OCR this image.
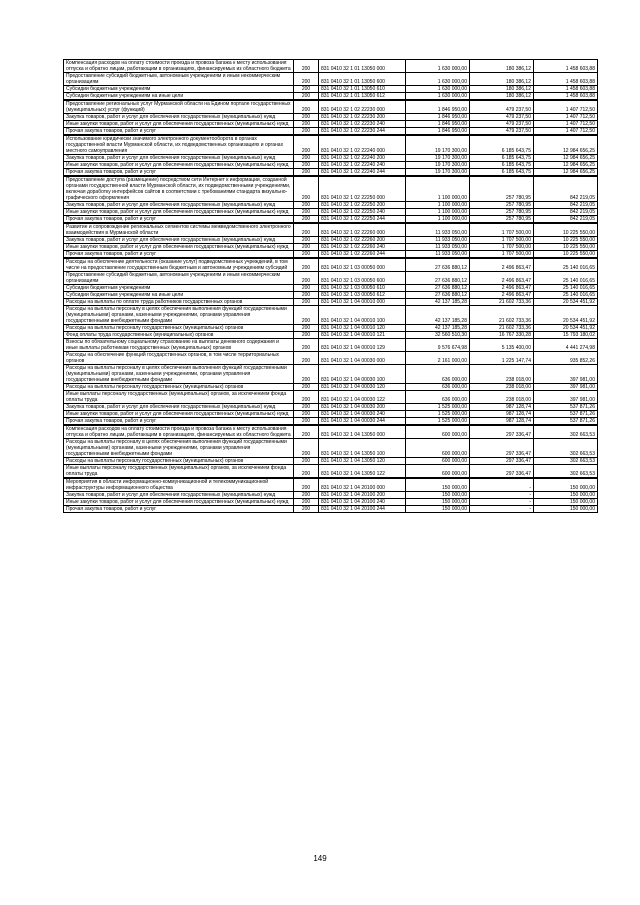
Компенсация расходов на оплату стоимости проезда и провоза багажа к месту использования отпуска и обратно лицам, работающим в организациях, финансируемых из областного бюджета	200	831 0410 32 1 01 13050 000	1 630 000,00	180 386,12	1 458 603,88
Предоставление субсидий бюджетным, автономным учреждениям и иным некоммерческим организациям	200	831 0410 32 1 01 13050 600	1 630 000,00	180 386,12	1 458 603,88
Субсидии бюджетным учреждениям	200	831 0410 32 1 01 13050 610	1 630 000,00	180 386,12	1 458 603,88
Субсидии бюджетным учреждениям на иные цели	200	831 0410 32 1 01 13050 612	1 630 000,00	180 386,12	1 458 603,88
Предоставление региональных услуг Мурманской области на Едином портале государственных (муниципальных) услуг (функций)	200	831 0410 32 1 02 22230 000	1 846 950,00	479 237,50	1 407 712,50
Закупка товаров, работ и услуг для обеспечения государственных (муниципальных) нужд	200	831 0410 32 1 02 22230 200	1 846 950,00	479 237,50	1 407 712,50
Иные закупки товаров, работ и услуг для обеспечения государственных (муниципальных) нужд	200	831 0410 32 1 02 22230 240	1 846 950,00	479 237,50	1 407 712,50
Прочая закупка товаров, работ и услуг	200	831 0410 32 1 02 22230 244	1 846 950,00	479 237,50	1 407 712,50
Использование юридически значимого электронного документооборота в органах государственной власти Мурманской области, их подведомственных организациях и органах местного самоуправления	200	831 0410 32 1 02 22240 000	19 170 300,00	6 185 643,75	12 984 656,25
Закупка товаров, работ и услуг для обеспечения государственных (муниципальных) нужд	200	831 0410 32 1 02 22240 200	19 170 300,00	6 185 643,75	12 984 656,25
Иные закупки товаров, работ и услуг для обеспечения государственных (муниципальных) нужд	200	831 0410 32 1 02 22240 240	19 170 300,00	6 185 643,75	12 984 656,25
Прочая закупка товаров, работ и услуг	200	831 0410 32 1 02 22240 244	19 170 300,00	6 185 643,75	12 984 656,25
Предоставление доступа (размещение) посредством сети Интернет к информации, созданной органами государственной власти Мурманской области, их подведомственными учреждениями, включая доработку интерфейсов сайтов в соответствии с требованиями стандарта визуально-графического оформления	200	831 0410 32 1 02 22250 000	1 100 000,00	257 780,95	842 219,05
Закупка товаров, работ и услуг для обеспечения государственных (муниципальных) нужд	200	831 0410 32 1 02 22250 200	1 100 000,00	257 780,95	842 219,05
Иные закупки товаров, работ и услуг для обеспечения государственных (муниципальных) нужд	200	831 0410 32 1 02 22250 240	1 100 000,00	257 780,95	842 219,05
Прочая закупка товаров, работ и услуг	200	831 0410 32 1 02 22250 244	1 100 000,00	257 780,95	842 219,05
Развитие и сопровождение региональных сегментов системы межведомственного электронного взаимодействия в Мурманской области	200	831 0410 32 1 02 22260 000	11 933 050,00	1 707 500,00	10 225 550,00
Закупка товаров, работ и услуг для обеспечения государственных (муниципальных) нужд	200	831 0410 32 1 02 22260 200	11 933 050,00	1 707 500,00	10 225 550,00
Иные закупки товаров, работ и услуг для обеспечения государственных (муниципальных) нужд	200	831 0410 32 1 02 22260 240	11 933 050,00	1 707 500,00	10 225 550,00
Прочая закупка товаров, работ и услуг	200	831 0410 32 1 02 22260 244	11 933 050,00	1 707 500,00	10 225 550,00
Расходы на обеспечение деятельности (оказание услуг) подведомственных учреждений, в том числе на предоставление государственным бюджетным и автономным учреждениям субсидий	200	831 0410 32 1 03 00050 000	27 636 880,12	2 496 863,47	25 140 016,65
Предоставление субсидий бюджетным, автономным учреждениям и иным некоммерческим организациям	200	831 0410 32 1 03 00050 600	27 636 880,12	2 496 863,47	25 140 016,65
Субсидии бюджетным учреждениям	200	831 0410 32 1 03 00050 610	27 636 880,12	2 496 863,47	25 140 016,65
Субсидии бюджетным учреждениям на иные цели	200	831 0410 32 1 03 00050 612	27 636 880,12	2 496 863,47	25 140 016,65
Расходы на выплаты по оплате труда работников государственных органов	200	831 0410 32 1 04 00010 000	42 137 185,28	21 602 733,36	20 534 451,92
Расходы на выплаты персоналу в целях обеспечения выполнения функций государственными (муниципальными) органами, казенными учреждениями, органами управления государственными внебюджетными фондами	200	831 0410 32 1 04 00010 100	42 137 185,28	21 602 733,36	20 534 451,92
Расходы на выплаты персоналу государственных (муниципальных) органов	200	831 0410 32 1 04 00010 120	42 137 185,28	21 602 733,36	20 534 451,92
Фонд оплаты труда государственных (муниципальных) органов	200	831 0410 32 1 04 00010 121	32 560 510,30	16 767 330,28	15 793 180,02
Взносы по обязательному социальному страхованию на выплаты денежного содержания и иные выплаты работникам государственных (муниципальных) органов	200	831 0410 32 1 04 00010 129	9 576 674,98	5 135 400,00	4 441 274,98
Расходы на обеспечение функций государственных органов, в том числе территориальных органов	200	831 0410 32 1 04 00030 000	2 161 000,00	1 225 147,74	935 852,26
Расходы на выплаты персоналу в целях обеспечения выполнения функций государственными (муниципальными) органами, казенными учреждениями, органами управления государственными внебюджетными фондами	200	831 0410 32 1 04 00030 100	636 000,00	238 018,00	397 981,00
Расходы на выплаты персоналу государственных (муниципальных) органов	200	831 0410 32 1 04 00030 120	636 000,00	238 018,00	397 981,00
Иные выплаты персоналу государственных (муниципальных) органов, за исключением фонда оплаты труда	200	831 0410 32 1 04 00030 122	636 000,00	238 018,00	397 981,00
Закупка товаров, работ и услуг для обеспечения государственных (муниципальных) нужд	200	831 0410 32 1 04 00030 200	1 525 000,00	987 128,74	537 871,26
Иные закупки товаров, работ и услуг для обеспечения государственных (муниципальных) нужд	200	831 0410 32 1 04 00030 240	1 525 000,00	987 128,74	537 871,26
Прочая закупка товаров, работ и услуг	200	831 0410 32 1 04 00030 244	1 525 000,00	987 128,74	537 871,26
Компенсация расходов на оплату стоимости проезда и провоза багажа к месту использования отпуска и обратно лицам, работающим в организациях, финансируемых из областного бюджета	200	831 0410 32 1 04 13050 000	600 000,00	297 336,47	302 663,53
Расходы на выплаты персоналу в целях обеспечения выполнения функций государственными (муниципальными) органами, казенными учреждениями, органами управления государственными внебюджетными фондами	200	831 0410 32 1 04 13050 100	600 000,00	297 336,47	302 663,53
Расходы на выплаты персоналу государственных (муниципальных) органов	200	831 0410 32 1 04 13050 120	600 000,00	297 336,47	302 663,53
Иные выплаты персоналу государственных (муниципальных) органов, за исключением фонда оплаты труда	200	831 0410 32 1 04 13050 122	600 000,00	297 336,47	302 663,53
Мероприятия в области информационно-коммуникационной и телекоммуникационной инфраструктуры информационного общества	200	831 0410 32 1 04 20100 000	150 000,00	-	150 000,00
Закупка товаров, работ и услуг для обеспечения государственных (муниципальных) нужд	200	831 0410 32 1 04 20100 200	150 000,00	-	150 000,00
Иные закупки товаров, работ и услуг для обеспечения государственных (муниципальных) нужд	200	831 0410 32 1 04 20100 240	150 000,00	-	150 000,00
Прочая закупка товаров, работ и услуг	200	831 0410 32 1 04 20100 244	150 000,00	-	150 000,00
149
